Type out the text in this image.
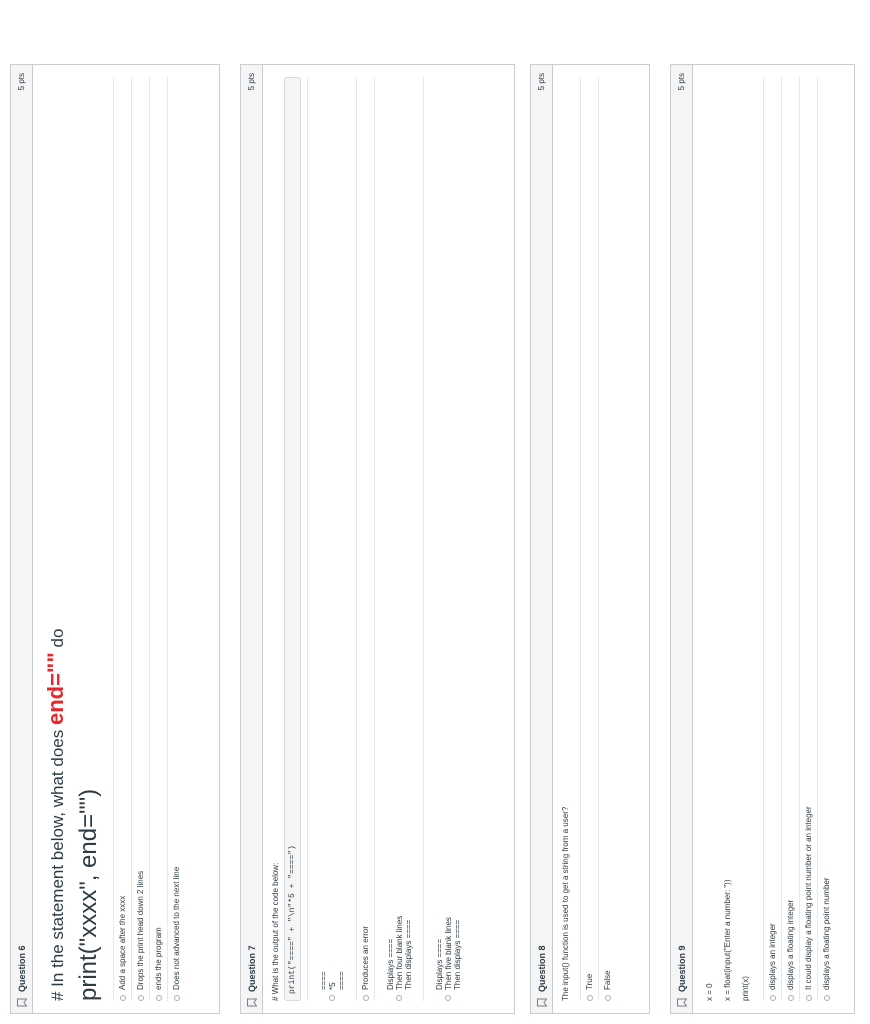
Question 6
5 pts
# In the statement below, what does end="" do
print("xxxx", end="") Add a space after the xxxx Drops the print head down 2 lines ends the program Does not advanced to the next line	Question 7
5 pts
# What is the output of the code below:	print("====" + "\n"*5 + "====")	====
*5
==== Produces an error Displays ====
Then four blank lines
Then displays ====
Displays ====
Then five blank lines
Then displays ====
Question 8
5 pts
The input() function is used to get a string from a user? True False	Question 9
5 pts
x = 0	x = float(input("Enter a number: "))	print(x)	displays an integer displays a floating integer It could display a floating point number or an integer displays a floating point number
